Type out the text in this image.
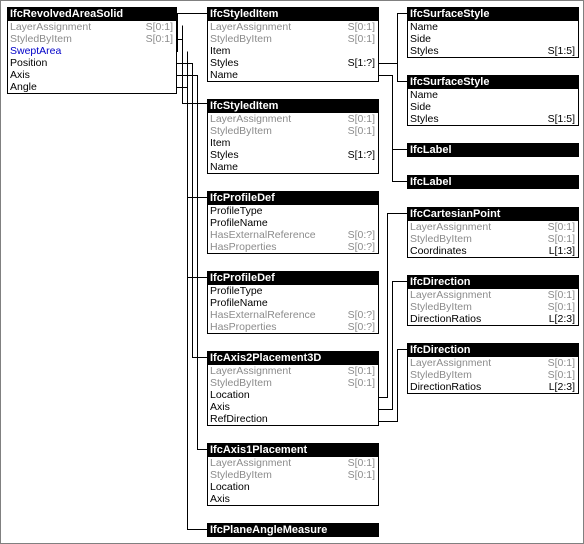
IfcRevolvedAreaSolid
LayerAssignment	S[0:1]
StyledByItem	S[0:1]
SweptArea
Position
Axis
Angle
IfcStyledItem
LayerAssignment	S[0:1]
StyledByItem	S[0:1]
Item
Styles	S[1:?]
Name
IfcStyledItem
LayerAssignment	S[0:1]
StyledByItem	S[0:1]
Item
Styles	S[1:?]
Name
IfcProfileDef
ProfileType
ProfileName
HasExternalReference	S[0:?]
HasProperties	S[0:?]
IfcProfileDef
ProfileType
ProfileName
HasExternalReference	S[0:?]
HasProperties	S[0:?]
IfcAxis2Placement3D
LayerAssignment	S[0:1]
StyledByItem	S[0:1]
Location
Axis
RefDirection
IfcAxis1Placement
LayerAssignment	S[0:1]
StyledByItem	S[0:1]
Location
Axis
IfcPlaneAngleMeasure
IfcSurfaceStyle
Name
Side
Styles	S[1:5]
IfcSurfaceStyle
Name
Side
Styles	S[1:5]
IfcLabel
IfcLabel
IfcCartesianPoint
LayerAssignment	S[0:1]
StyledByItem	S[0:1]
Coordinates	L[1:3]
IfcDirection
LayerAssignment	S[0:1]
StyledByItem	S[0:1]
DirectionRatios	L[2:3]
IfcDirection
LayerAssignment	S[0:1]
StyledByItem	S[0:1]
DirectionRatios	L[2:3]
